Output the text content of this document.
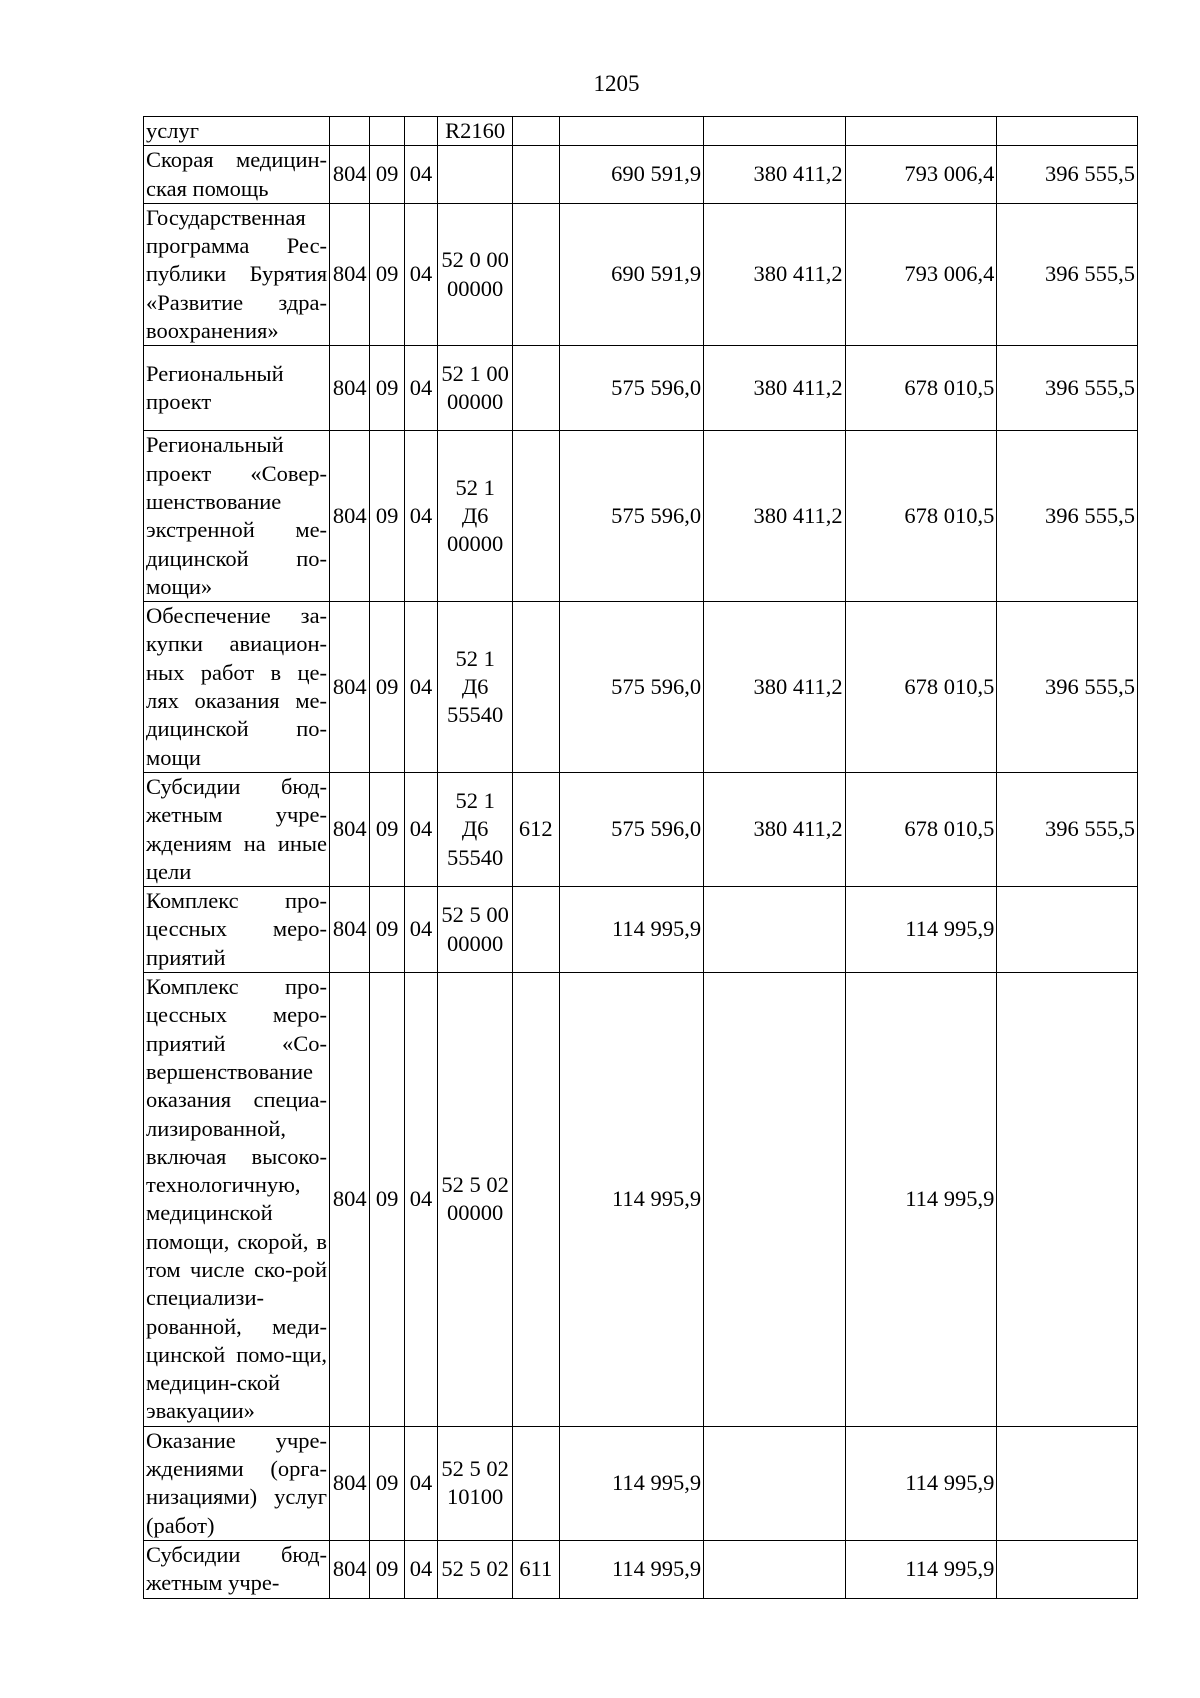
1205
услуг				R2160					
Скорая медицин-ская помощь	804	09	04			690 591,9	380 411,2	793 006,4	396 555,5
Государственная программа Рес-публики Бурятия «Развитие здра-воохранения»	804	09	04	52 0 00 00000		690 591,9	380 411,2	793 006,4	396 555,5
Региональный проект	804	09	04	52 1 00 00000		575 596,0	380 411,2	678 010,5	396 555,5
Региональный проект «Совер-шенствование экстренной ме-дицинской по-мощи»	804	09	04	52 1 Д6 00000		575 596,0	380 411,2	678 010,5	396 555,5
Обеспечение за-купки авиацион-ных работ в це-лях оказания ме-дицинской по-мощи	804	09	04	52 1 Д6 55540		575 596,0	380 411,2	678 010,5	396 555,5
Субсидии бюд-жетным учре-ждениям на иные цели	804	09	04	52 1 Д6 55540	612	575 596,0	380 411,2	678 010,5	396 555,5
Комплекс про-цессных меро-приятий	804	09	04	52 5 00 00000		114 995,9		114 995,9	
Комплекс про-цессных меро-приятий «Со-вершенствование оказания специа-лизированной, включая высоко-технологичную, медицинской помощи, скорой, в том числе ско-рой специализи-рованной, меди-цинской помо-щи, медицин-ской эвакуации»	804	09	04	52 5 02 00000		114 995,9		114 995,9	
Оказание учре-ждениями (орга-низациями) услуг (работ)	804	09	04	52 5 02 10100		114 995,9		114 995,9	
Субсидии бюд-жетным учре-	804	09	04	52 5 02	611	114 995,9		114 995,9	
